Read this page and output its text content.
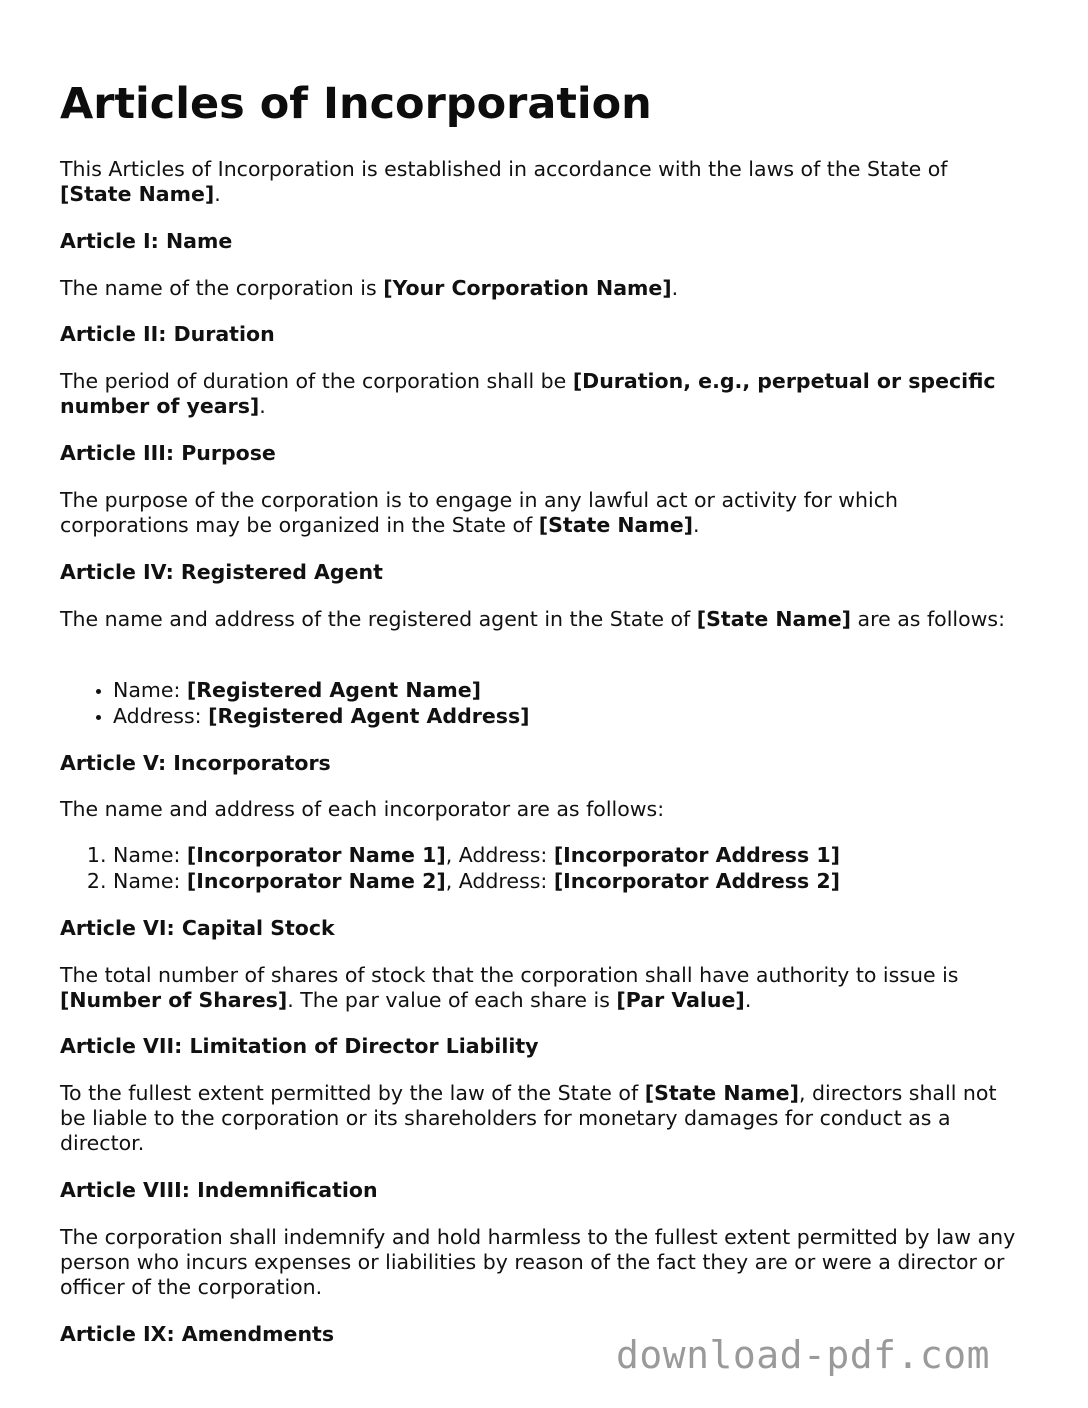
Articles of Incorporation
This Articles of Incorporation is established in accordance with the laws of the State of [State Name].
Article I: Name
The name of the corporation is [Your Corporation Name].
Article II: Duration
The period of duration of the corporation shall be [Duration, e.g., perpetual or specific number of years].
Article III: Purpose
The purpose of the corporation is to engage in any lawful act or activity for which corporations may be organized in the State of [State Name].
Article IV: Registered Agent
The name and address of the registered agent in the State of [State Name] are as follows:
• Name: [Registered Agent Name]
• Address: [Registered Agent Address]
Article V: Incorporators
The name and address of each incorporator are as follows:
1. Name: [Incorporator Name 1], Address: [Incorporator Address 1]
2. Name: [Incorporator Name 2], Address: [Incorporator Address 2]
Article VI: Capital Stock
The total number of shares of stock that the corporation shall have authority to issue is [Number of Shares]. The par value of each share is [Par Value].
Article VII: Limitation of Director Liability
To the fullest extent permitted by the law of the State of [State Name], directors shall not be liable to the corporation or its shareholders for monetary damages for conduct as a director.
Article VIII: Indemnification
The corporation shall indemnify and hold harmless to the fullest extent permitted by law any person who incurs expenses or liabilities by reason of the fact they are or were a director or officer of the corporation.
Article IX: Amendments	download-pdf.com
